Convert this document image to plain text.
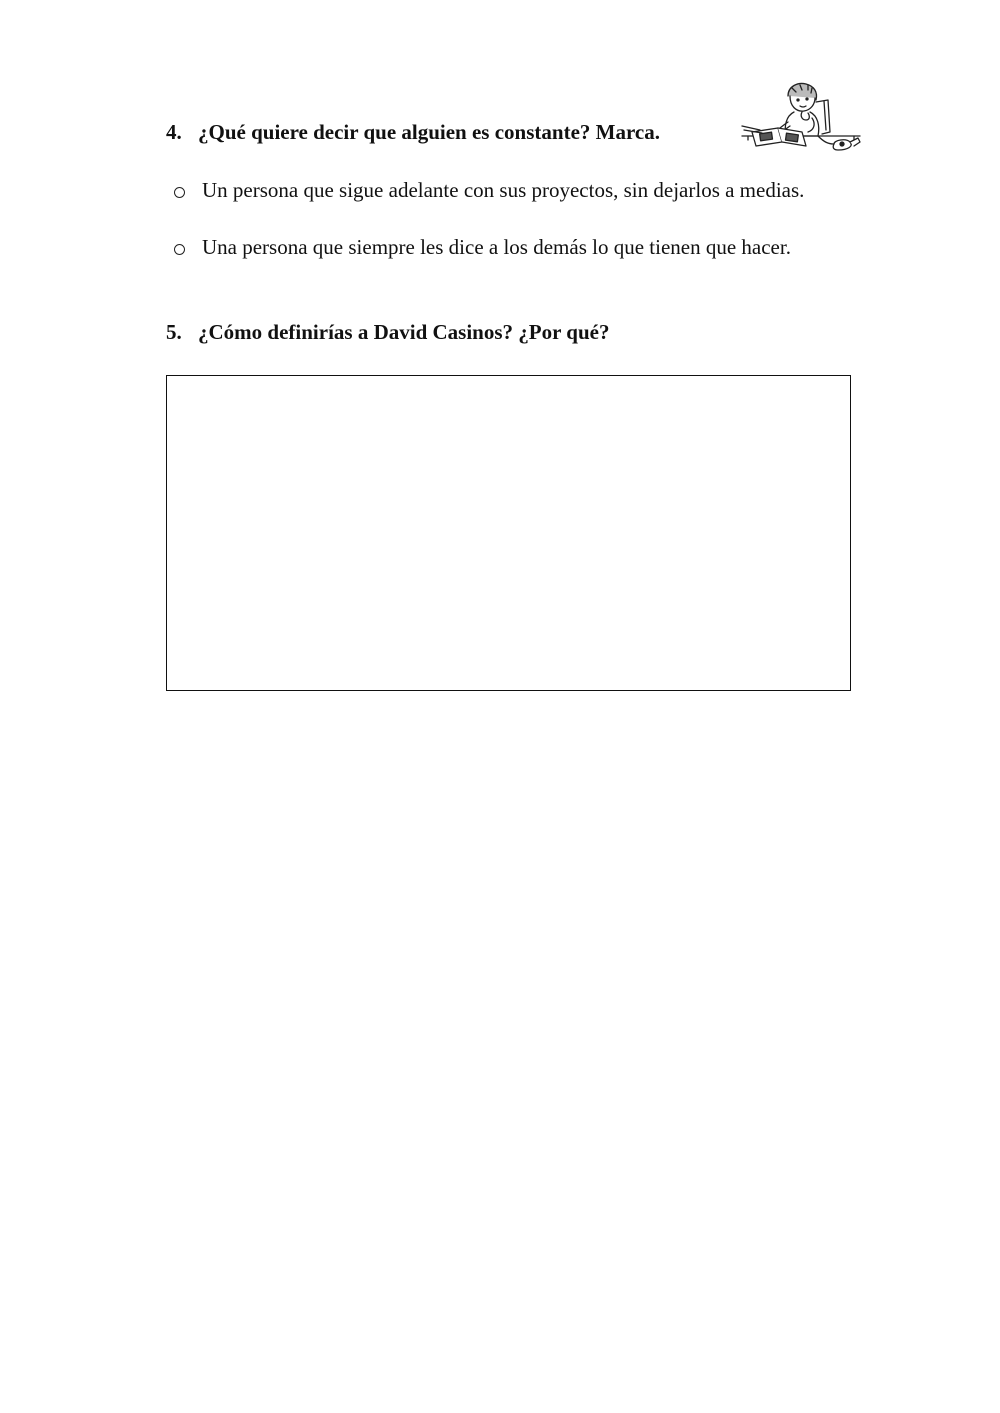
4. ¿Qué quiere decir que alguien es constante? Marca.
Un persona que sigue adelante con sus proyectos, sin dejarlos a medias.
Una persona que siempre les dice a los demás lo que tienen que hacer.
5. ¿Cómo definirías a David Casinos? ¿Por qué?
